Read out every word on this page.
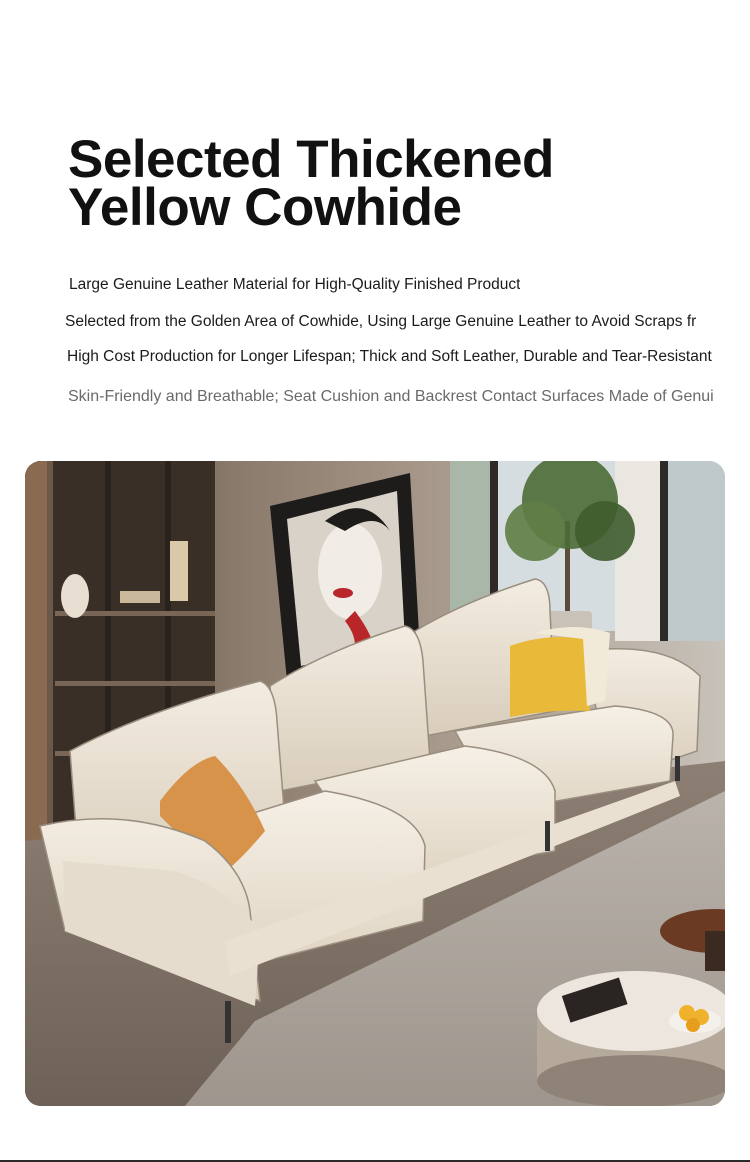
Selected Thickened
Yellow Cowhide
Large Genuine Leather Material for High-Quality Finished Product
Selected from the Golden Area of Cowhide, Using Large Genuine Leather to Avoid Scraps fr
High Cost Production for Longer Lifespan; Thick and Soft Leather, Durable and Tear-Resistant
Skin-Friendly and Breathable; Seat Cushion and Backrest Contact Surfaces Made of Genui
